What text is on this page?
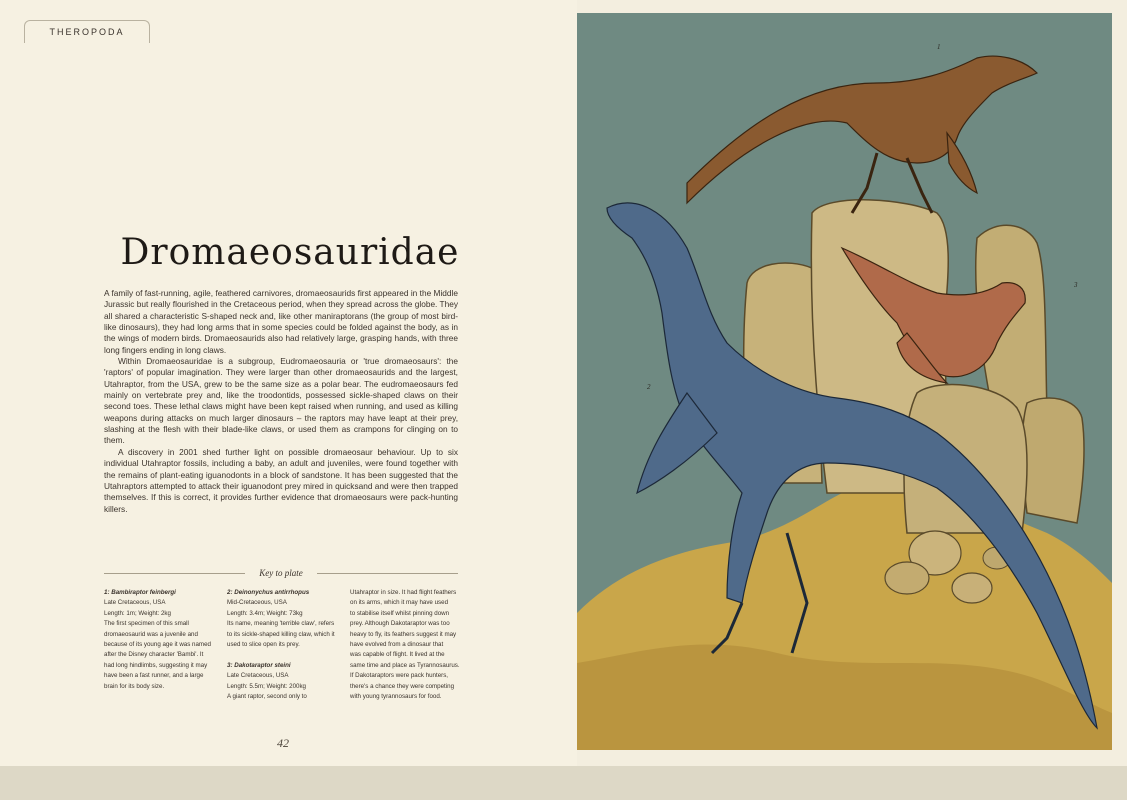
THEROPODA
Dromaeosauridae

A family of fast-running, agile, feathered carnivores, dromaeosaurids first appeared in the Middle Jurassic but really flourished in the Cretaceous period, when they spread across the globe. They all shared a characteristic S-shaped neck and, like other maniraptorans (the group of most bird-like dinosaurs), they had long arms that in some species could be folded against the body, as in the wings of modern birds. Dromaeosaurids also had relatively large, grasping hands, with three long fingers ending in long claws.

Within Dromaeosauridae is a subgroup, Eudromaeosauria or 'true dromaeosaurs': the 'raptors' of popular imagination. They were larger than other dromaeosaurids and the largest, Utahraptor, from the USA, grew to be the same size as a polar bear. The eudromaeosaurs fed mainly on vertebrate prey and, like the troodontids, possessed sickle-shaped claws on their second toes. These lethal claws might have been kept raised when running, and used as killing weapons during attacks on much larger dinosaurs – the raptors may have leapt at their prey, slashing at the flesh with their blade-like claws, or used them as crampons for clinging on to them.

A discovery in 2001 shed further light on possible dromaeosaur behaviour. Up to six individual Utahraptor fossils, including a baby, an adult and juveniles, were found together with the remains of plant-eating iguanodonts in a block of sandstone. It has been suggested that the Utahraptors attempted to attack their iguanodont prey mired in quicksand and were then trapped themselves. If this is correct, it provides further evidence that dromaeosaurs were pack-hunting killers.

Key to plate
1: Bambiraptor feinbergi
Late Cretaceous, USA
Length: 1m; Weight: 2kg
The first specimen of this small
dromaeosaurid was a juvenile and
because of its young age it was named
after the Disney character 'Bambi'. It
had long hindlimbs, suggesting it may
have been a fast runner, and a large
brain for its body size.
2: Deinonychus antirrhopus
Mid-Cretaceous, USA
Length: 3.4m; Weight: 73kg
Its name, meaning 'terrible claw', refers
to its sickle-shaped killing claw, which it
used to slice open its prey.
3: Dakotaraptor steini
Late Cretaceous, USA
Length: 5.5m; Weight: 200kg
A giant raptor, second only to
Utahraptor in size. It had flight feathers
on its arms, which it may have used
to stabilise itself whilst pinning down
prey. Although Dakotaraptor was too
heavy to fly, its feathers suggest it may
have evolved from a dinosaur that
was capable of flight. It lived at the
same time and place as Tyrannosaurus.
If Dakotaraptors were pack hunters,
there's a chance they were competing
with young tyrannosaurs for food.
42
1
2
3
